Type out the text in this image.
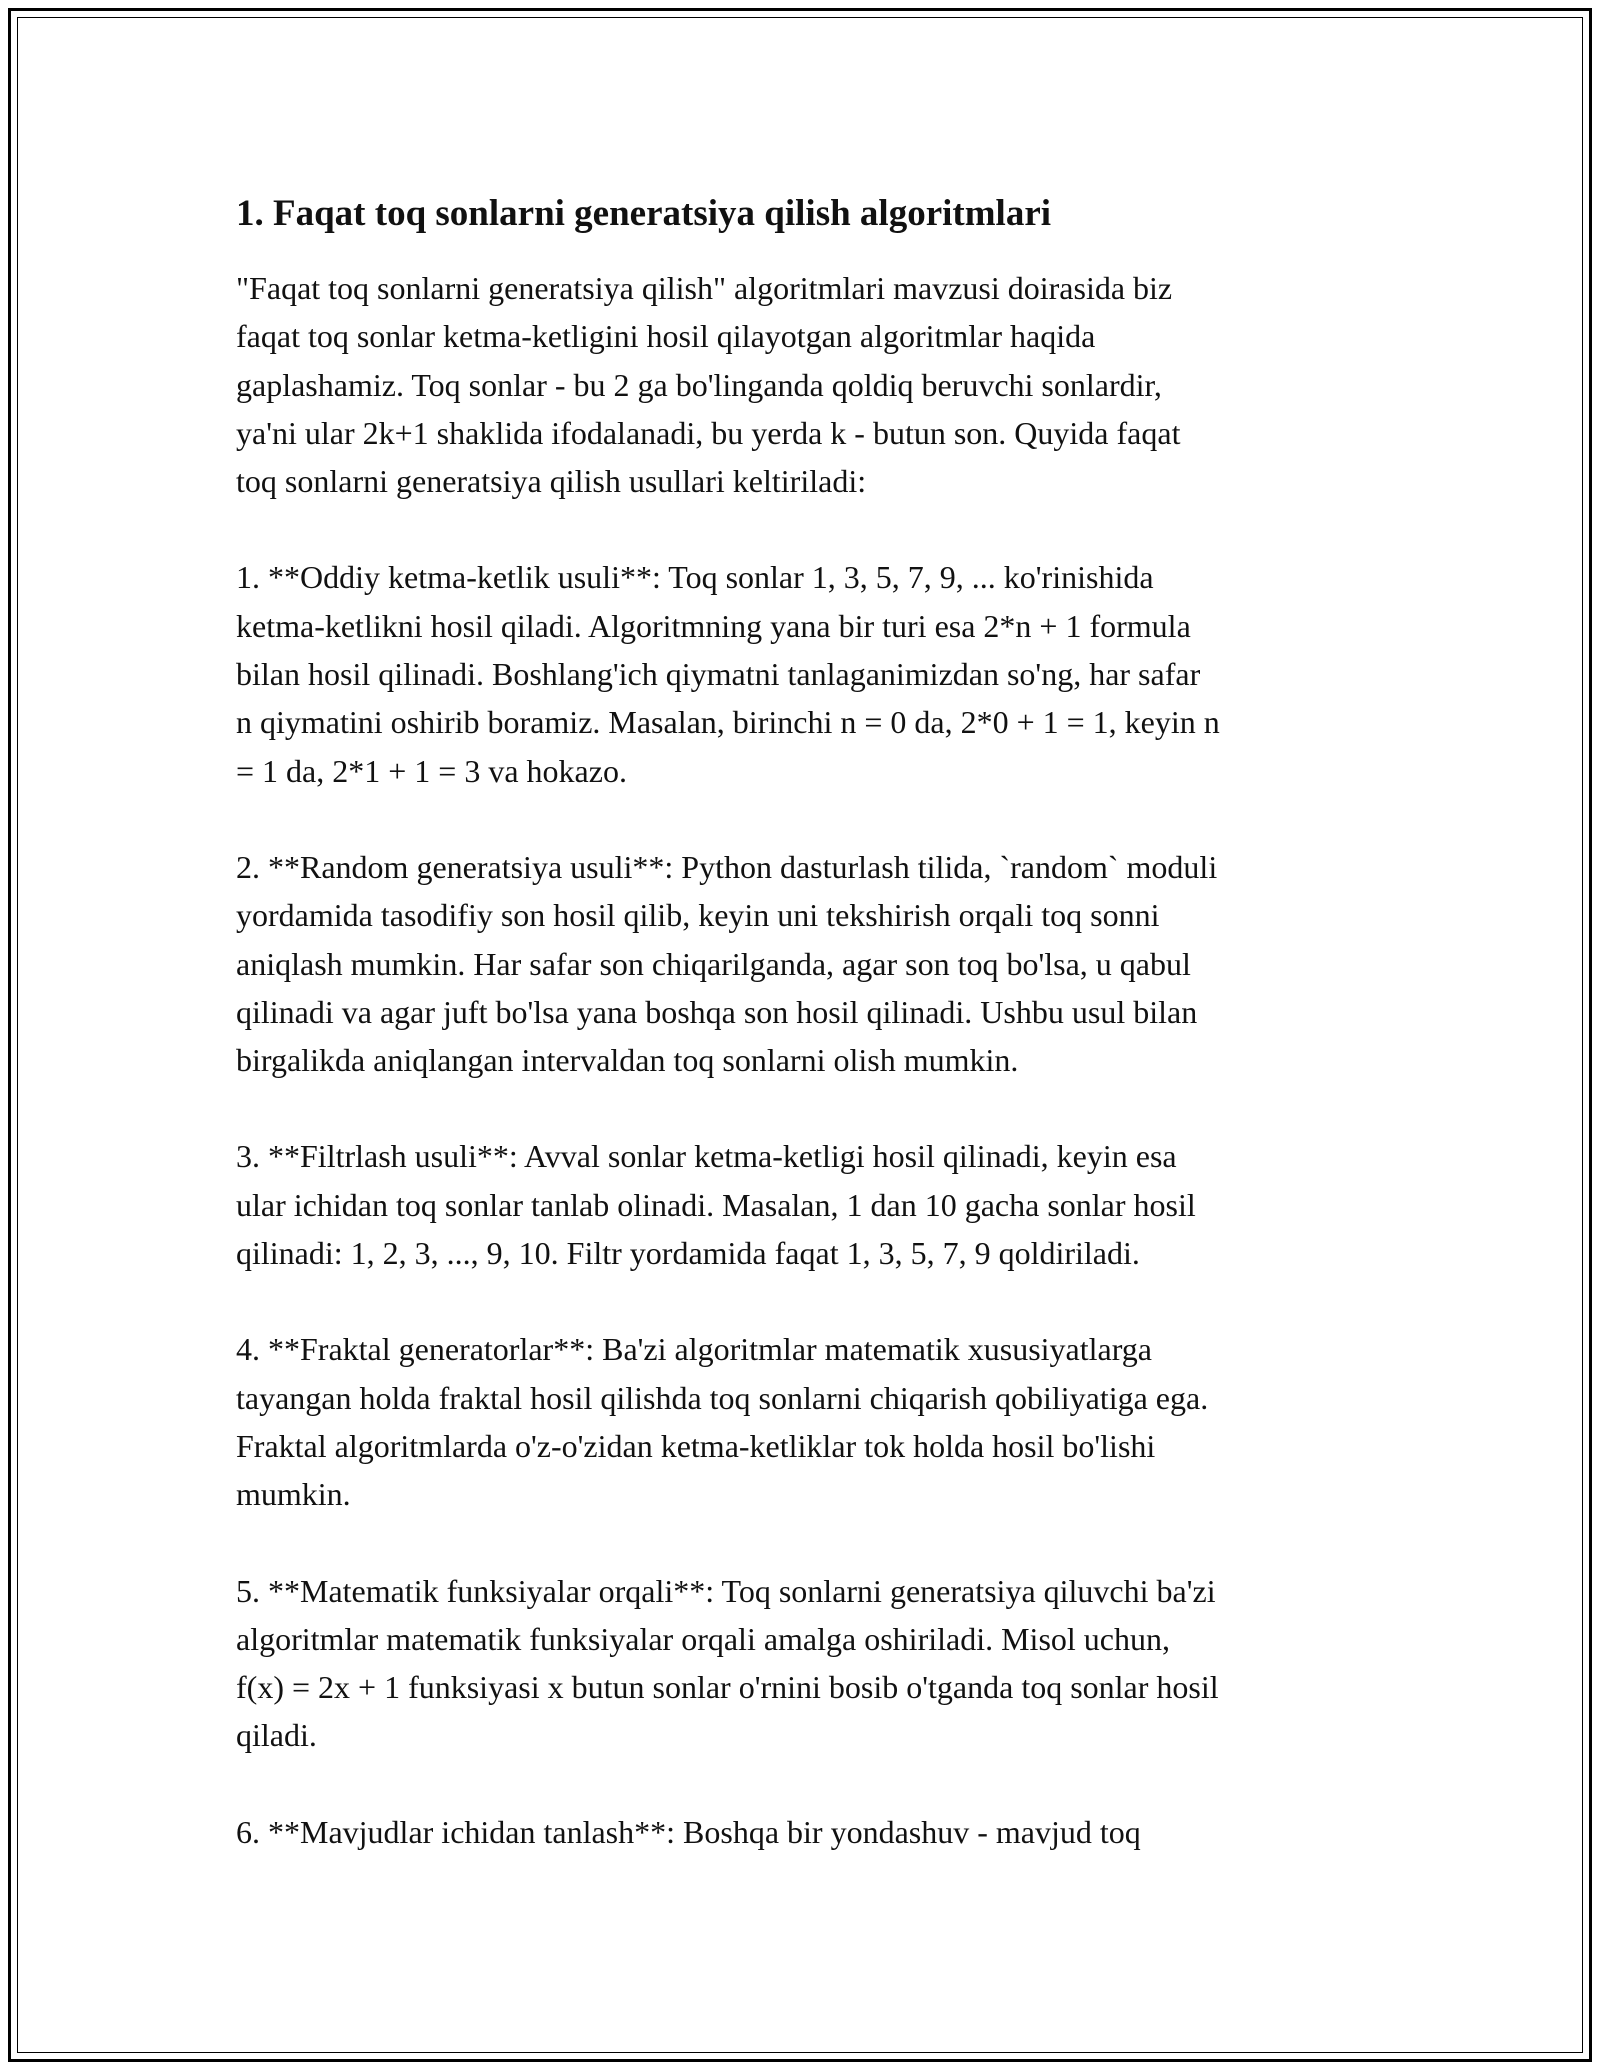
1. Faqat toq sonlarni generatsiya qilish algoritmlari

"Faqat toq sonlarni generatsiya qilish" algoritmlari mavzusi doirasida biz
faqat toq sonlar ketma-ketligini hosil qilayotgan algoritmlar haqida
gaplashamiz. Toq sonlar - bu 2 ga bo'linganda qoldiq beruvchi sonlardir,
ya'ni ular 2k+1 shaklida ifodalanadi, bu yerda k - butun son. Quyida faqat
toq sonlarni generatsiya qilish usullari keltiriladi:

1. **Oddiy ketma-ketlik usuli**: Toq sonlar 1, 3, 5, 7, 9, ... ko'rinishida
ketma-ketlikni hosil qiladi. Algoritmning yana bir turi esa 2*n + 1 formula
bilan hosil qilinadi. Boshlang'ich qiymatni tanlaganimizdan so'ng, har safar
n qiymatini oshirib boramiz. Masalan, birinchi n = 0 da, 2*0 + 1 = 1, keyin n
= 1 da, 2*1 + 1 = 3 va hokazo.

2. **Random generatsiya usuli**: Python dasturlash tilida, `random` moduli
yordamida tasodifiy son hosil qilib, keyin uni tekshirish orqali toq sonni
aniqlash mumkin. Har safar son chiqarilganda, agar son toq bo'lsa, u qabul
qilinadi va agar juft bo'lsa yana boshqa son hosil qilinadi. Ushbu usul bilan
birgalikda aniqlangan intervaldan toq sonlarni olish mumkin.

3. **Filtrlash usuli**: Avval sonlar ketma-ketligi hosil qilinadi, keyin esa
ular ichidan toq sonlar tanlab olinadi. Masalan, 1 dan 10 gacha sonlar hosil
qilinadi: 1, 2, 3, ..., 9, 10. Filtr yordamida faqat 1, 3, 5, 7, 9 qoldiriladi.

4. **Fraktal generatorlar**: Ba'zi algoritmlar matematik xususiyatlarga
tayangan holda fraktal hosil qilishda toq sonlarni chiqarish qobiliyatiga ega.
Fraktal algoritmlarda o'z-o'zidan ketma-ketliklar tok holda hosil bo'lishi
mumkin.

5. **Matematik funksiyalar orqali**: Toq sonlarni generatsiya qiluvchi ba'zi
algoritmlar matematik funksiyalar orqali amalga oshiriladi. Misol uchun,
f(x) = 2x + 1 funksiyasi x butun sonlar o'rnini bosib o'tganda toq sonlar hosil
qiladi.

6. **Mavjudlar ichidan tanlash**: Boshqa bir yondashuv - mavjud toq
